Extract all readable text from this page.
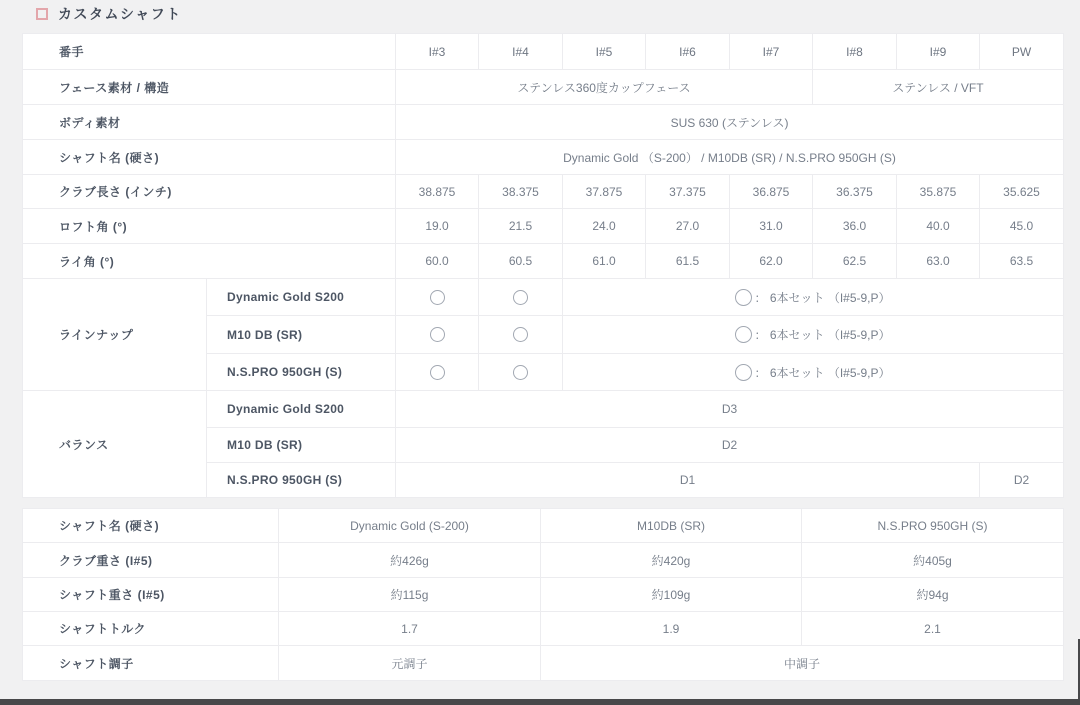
カスタムシャフト
番手		I#3	I#4	I#5	I#6	I#7	I#8	I#9	PW
フェース素材 / 構造		ステンレス360度カップフェース					ステンレス / VFT		
ボディ素材		SUS 630 (ステンレス)							
シャフト名 (硬さ)		Dynamic Gold （S-200） / M10DB (SR) / N.S.PRO 950GH (S)							
クラブ長さ (インチ)		38.875	38.375	37.875	37.375	36.875	36.375	35.875	35.625
ロフト角 (°)		19.0	21.5	24.0	27.0	31.0	36.0	40.0	45.0
ライ角 (°)		60.0	60.5	61.0	61.5	62.0	62.5	63.0	63.5
ラインナップ	Dynamic Gold S200			： 6本セット （I#5-9,P）					
	M10 DB (SR)			： 6本セット （I#5-9,P）					
	N.S.PRO 950GH (S)			： 6本セット （I#5-9,P）					
バランス	Dynamic Gold S200	D3							
	M10 DB (SR)	D2							
	N.S.PRO 950GH (S)	D1							D2
シャフト名 (硬さ)	Dynamic Gold (S-200)	M10DB (SR)	N.S.PRO 950GH (S)
クラブ重さ (I#5)	約426g	約420g	約405g
シャフト重さ (I#5)	約115g	約109g	約94g
シャフトトルク	1.7	1.9	2.1
シャフト調子	元調子	中調子	
